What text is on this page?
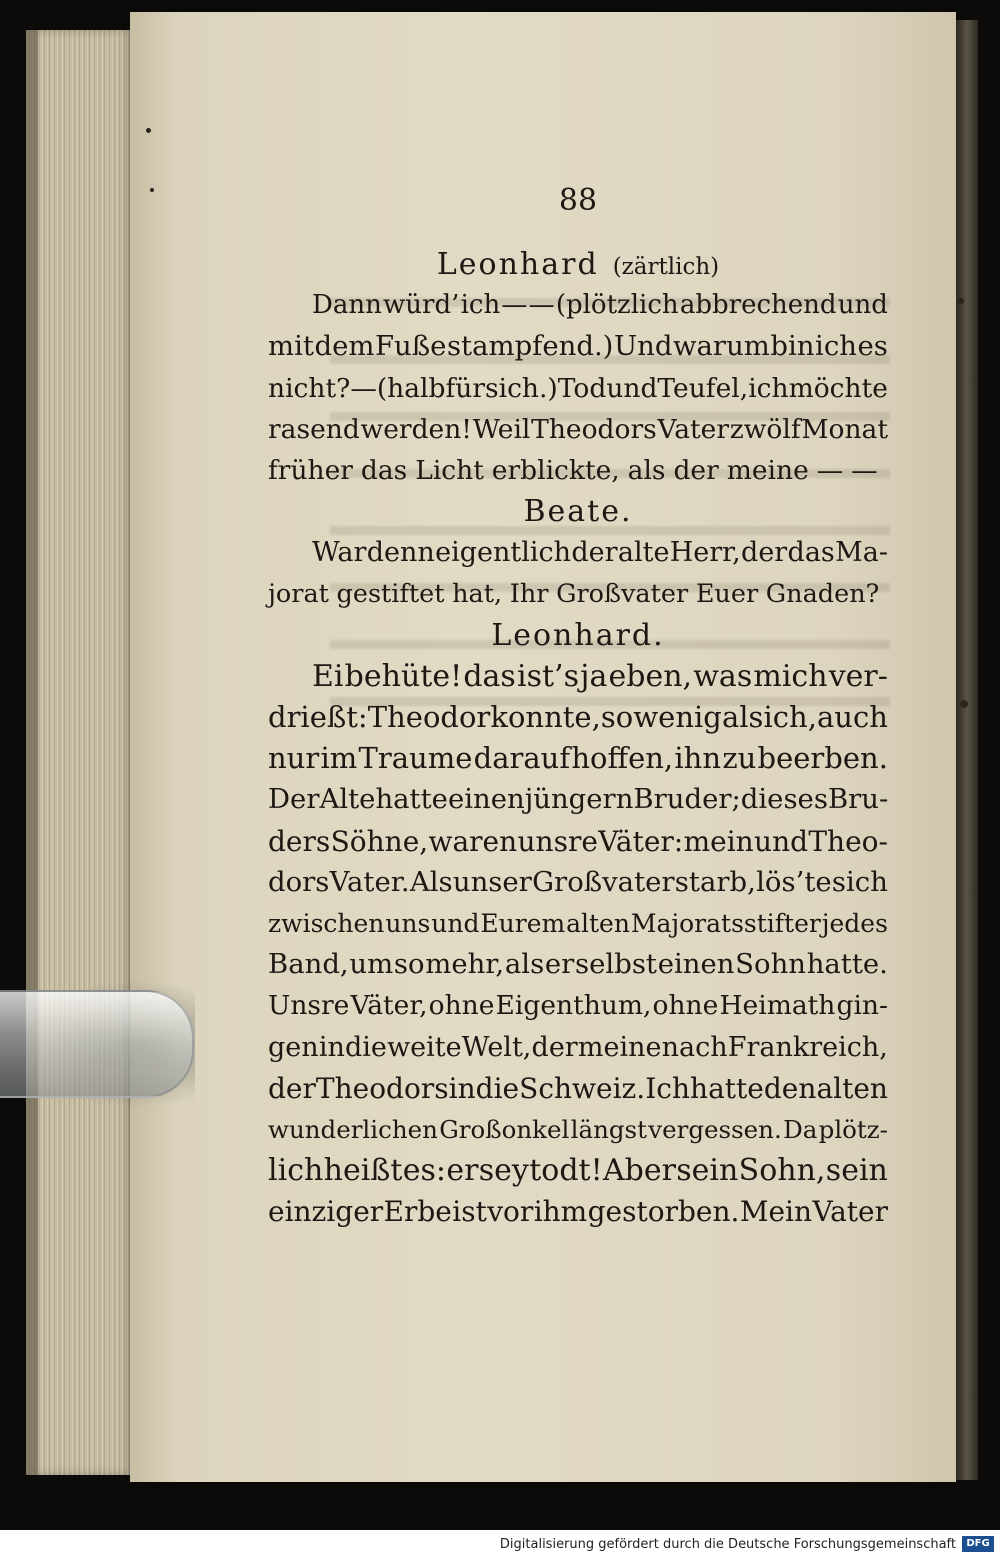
88
Leonhard (zärtlich)
Dann würd’ ich — — (plötzlich abbrechend und
mit dem Fuße stampfend.) Und warum bin ich es
nicht? — (halb für sich.) Tod und Teufel, ich möchte
rasend werden! Weil Theodors Vater zwölf Monat
früher das Licht erblickte, als der meine — —
Beate.
War denn eigentlich der alte Herr, der das Ma-
jorat gestiftet hat, Ihr Großvater Euer Gnaden?
Leonhard.
Ei behüte! das ist’s ja eben, was mich ver-
drießt: Theodor konnte, so wenig als ich, auch
nur im Traume darauf hoffen, ihn zu beerben.
Der Alte hatte einen jüngern Bruder; dieses Bru-
ders Söhne, waren unsre Väter: mein und Theo-
dors Vater. Als unser Großvater starb, lös’te sich
zwischen uns und Eurem alten Majoratsstifter jedes
Band, um so mehr, als er selbst einen Sohn hatte.
Unsre Väter, ohne Eigenthum, ohne Heimath gin-
gen in die weite Welt, der meine nach Frankreich,
der Theodors in die Schweiz. Ich hatte den alten
wunderlichen Großonkel längst vergessen. Da plötz-
lich heißt es: er sey todt! Aber sein Sohn, sein
einziger Erbe ist vor ihm gestorben. Mein Vater
Digitalisierung gefördert durch die Deutsche Forschungsgemeinschaft	DFG
